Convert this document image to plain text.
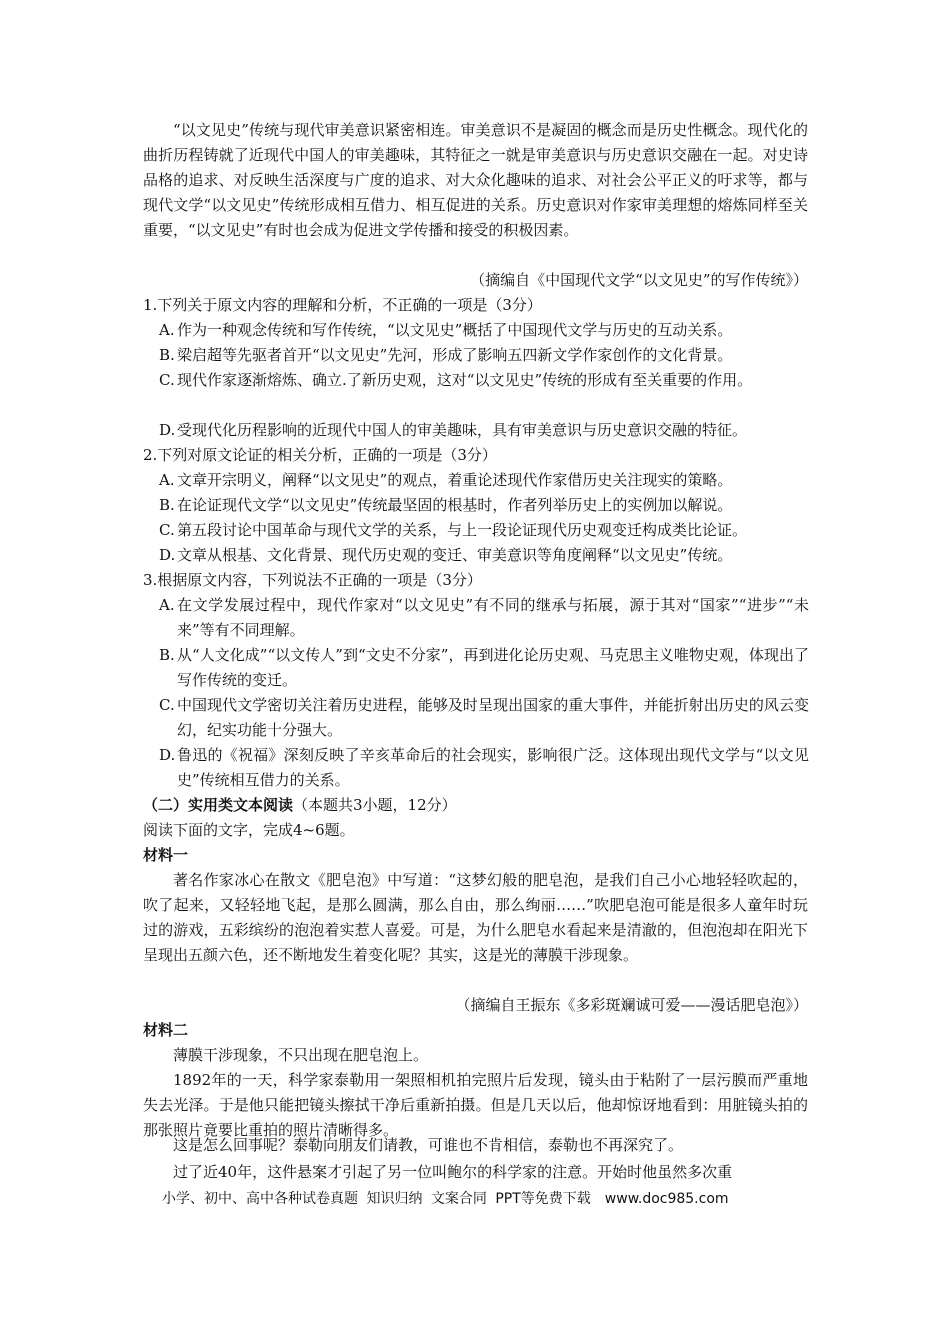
“以文见史”传统与现代审美意识紧密相连。审美意识不是凝固的概念而是历史性概念。现代化的曲折历程铸就了近现代中国人的审美趣味，其特征之一就是审美意识与历史意识交融在一起。对史诗品格的追求、对反映生活深度与广度的追求、对大众化趣味的追求、对社会公平正义的吁求等，都与现代文学“以文见史”传统形成相互借力、相互促进的关系。历史意识对作家审美理想的熔炼同样至关重要，“以文见史”有时也会成为促进文学传播和接受的积极因素。

（摘编自《中国现代文学“以文见史”的写作传统》）
1.下列关于原文内容的理解和分析，不正确的一项是（3分）
A. 作为一种观念传统和写作传统，“以文见史”概括了中国现代文学与历史的互动关系。
B. 梁启超等先驱者首开“以文见史”先河，形成了影响五四新文学作家创作的文化背景。
C. 现代作家逐渐熔炼、确立.了新历史观，这对“以文见史”传统的形成有至关重要的作用。
D. 受现代化历程影响的近现代中国人的审美趣味，具有审美意识与历史意识交融的特征。
2.下列对原文论证的相关分析，正确的一项是（3分）
A. 文章开宗明义，阐释“以文见史”的观点，着重论述现代作家借历史关注现实的策略。
B. 在论证现代文学“以文见史”传统最坚固的根基时，作者列举历史上的实例加以解说。
C. 第五段讨论中国革命与现代文学的关系，与上一段论证现代历史观变迁构成类比论证。
D. 文章从根基、文化背景、现代历史观的变迁、审美意识等角度阐释“以文见史”传统。
3.根据原文内容，下列说法不正确的一项是（3分）
A. 在文学发展过程中，现代作家对“以文见史”有不同的继承与拓展，源于其对“国家”“进步”“未来”等有不同理解。
B. 从“人文化成”“以文传人”到“文史不分家”，再到进化论历史观、马克思主义唯物史观，体现出了写作传统的变迁。
C. 中国现代文学密切关注着历史进程，能够及时呈现出国家的重大事件，并能折射出历史的风云变幻，纪实功能十分强大。
D. 鲁迅的《祝福》深刻反映了辛亥革命后的社会现实，影响很广泛。这体现出现代文学与“以文见史”传统相互借力的关系。
（二）实用类文本阅读（本题共3小题，12分）
阅读下面的文字，完成4~6题。
材料一

著名作家冰心在散文《肥皂泡》中写道：“这梦幻般的肥皂泡，是我们自己小心地轻轻吹起的，吹了起来，又轻轻地飞起，是那么圆满，那么自由，那么绚丽……”吹肥皂泡可能是很多人童年时玩过的游戏，五彩缤纷的泡泡着实惹人喜爱。可是，为什么肥皂水看起来是清澈的，但泡泡却在阳光下呈现出五颜六色，还不断地发生着变化呢？其实，这是光的薄膜干涉现象。

（摘编自王振东《多彩斑斓诚可爱——漫话肥皂泡》）
材料二

薄膜干涉现象，不只出现在肥皂泡上。

1892年的一天，科学家泰勒用一架照相机拍完照片后发现，镜头由于粘附了一层污膜而严重地失去光泽。于是他只能把镜头擦拭干净后重新拍摄。但是几天以后，他却惊讶地看到：用脏镜头拍的那张照片竟要比重拍的照片清晰得多。

这是怎么回事呢？泰勒向朋友们请教，可谁也不肯相信，泰勒也不再深究了。

过了近40年，这件悬案才引起了另一位叫鲍尔的科学家的注意。开始时他虽然多次重

小学、初中、高中各种试卷真题 知识归纳 文案合同 PPT等免费下载 www.doc985.com
